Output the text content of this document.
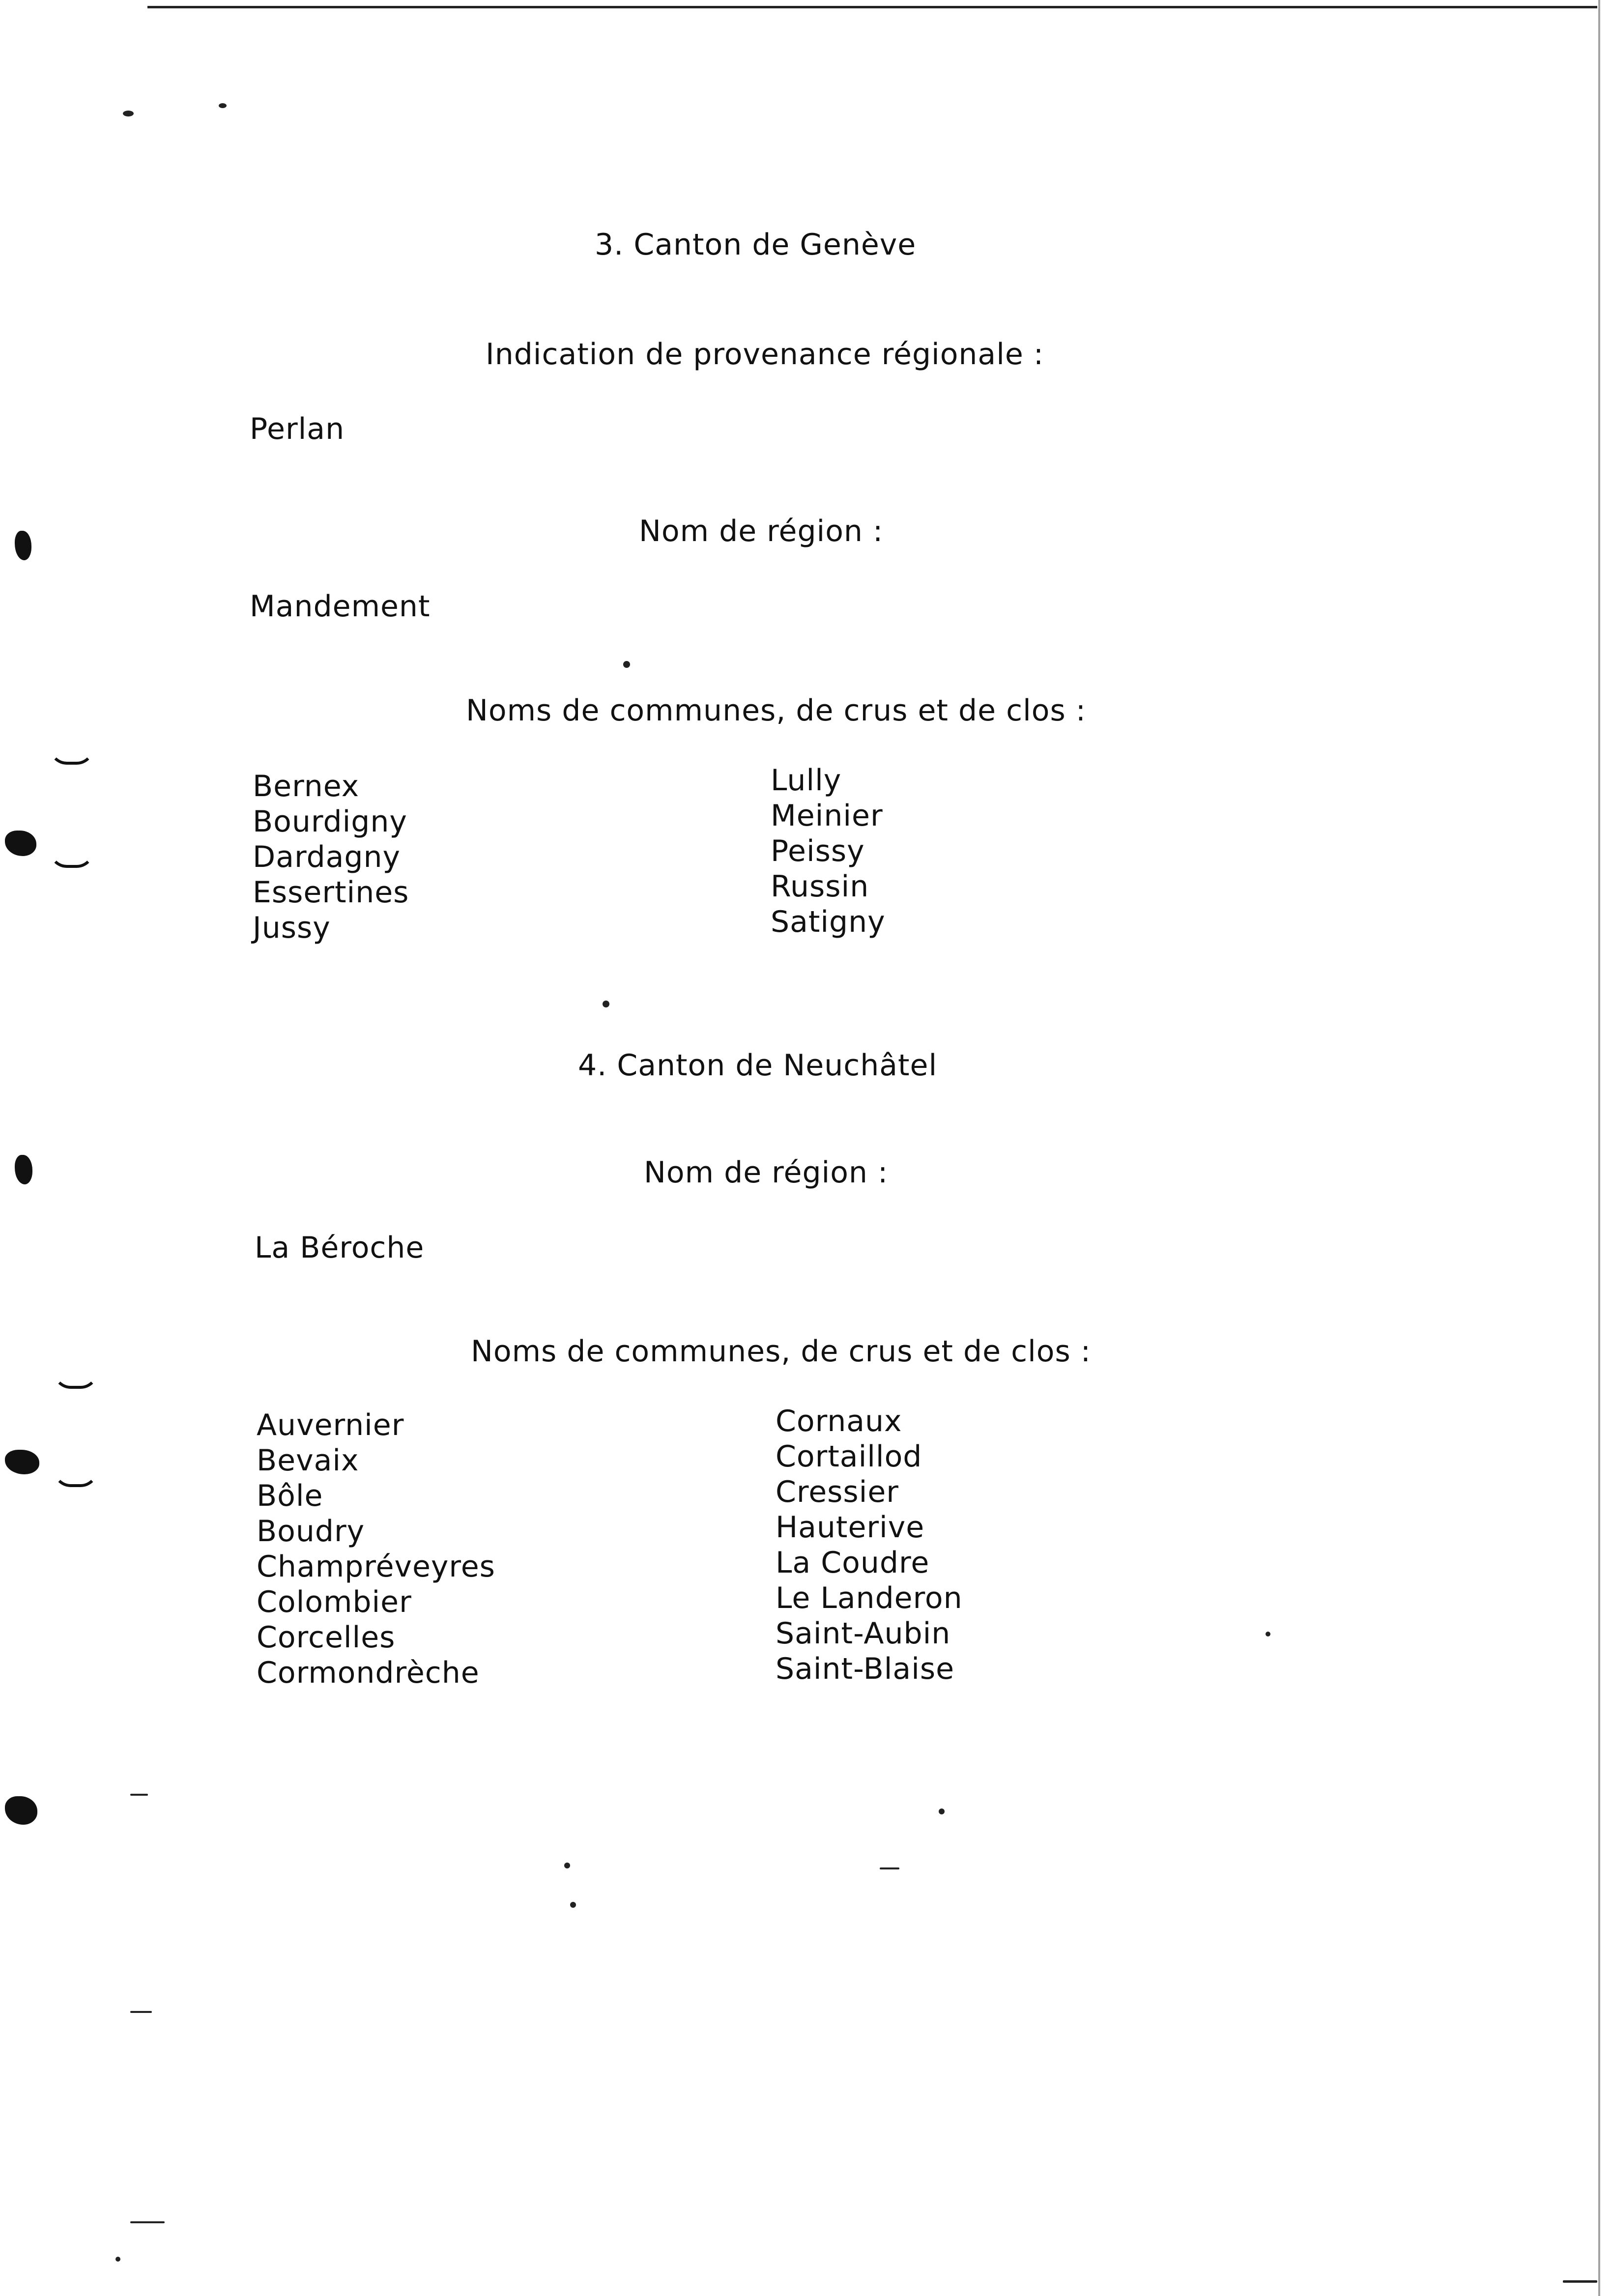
3. Canton de Genève
Indication de provenance régionale :
Perlan
Nom de région :
Mandement
Noms de communes, de crus et de clos :
Bernex
Bourdigny
Dardagny
Essertines
Jussy
Lully
Meinier
Peissy
Russin
Satigny
4. Canton de Neuchâtel
Nom de région :
La Béroche
Noms de communes, de crus et de clos :
Auvernier
Bevaix
Bôle
Boudry
Champréveyres
Colombier
Corcelles
Cormondrèche
Cornaux
Cortaillod
Cressier
Hauterive
La Coudre
Le Landeron
Saint-Aubin
Saint-Blaise
